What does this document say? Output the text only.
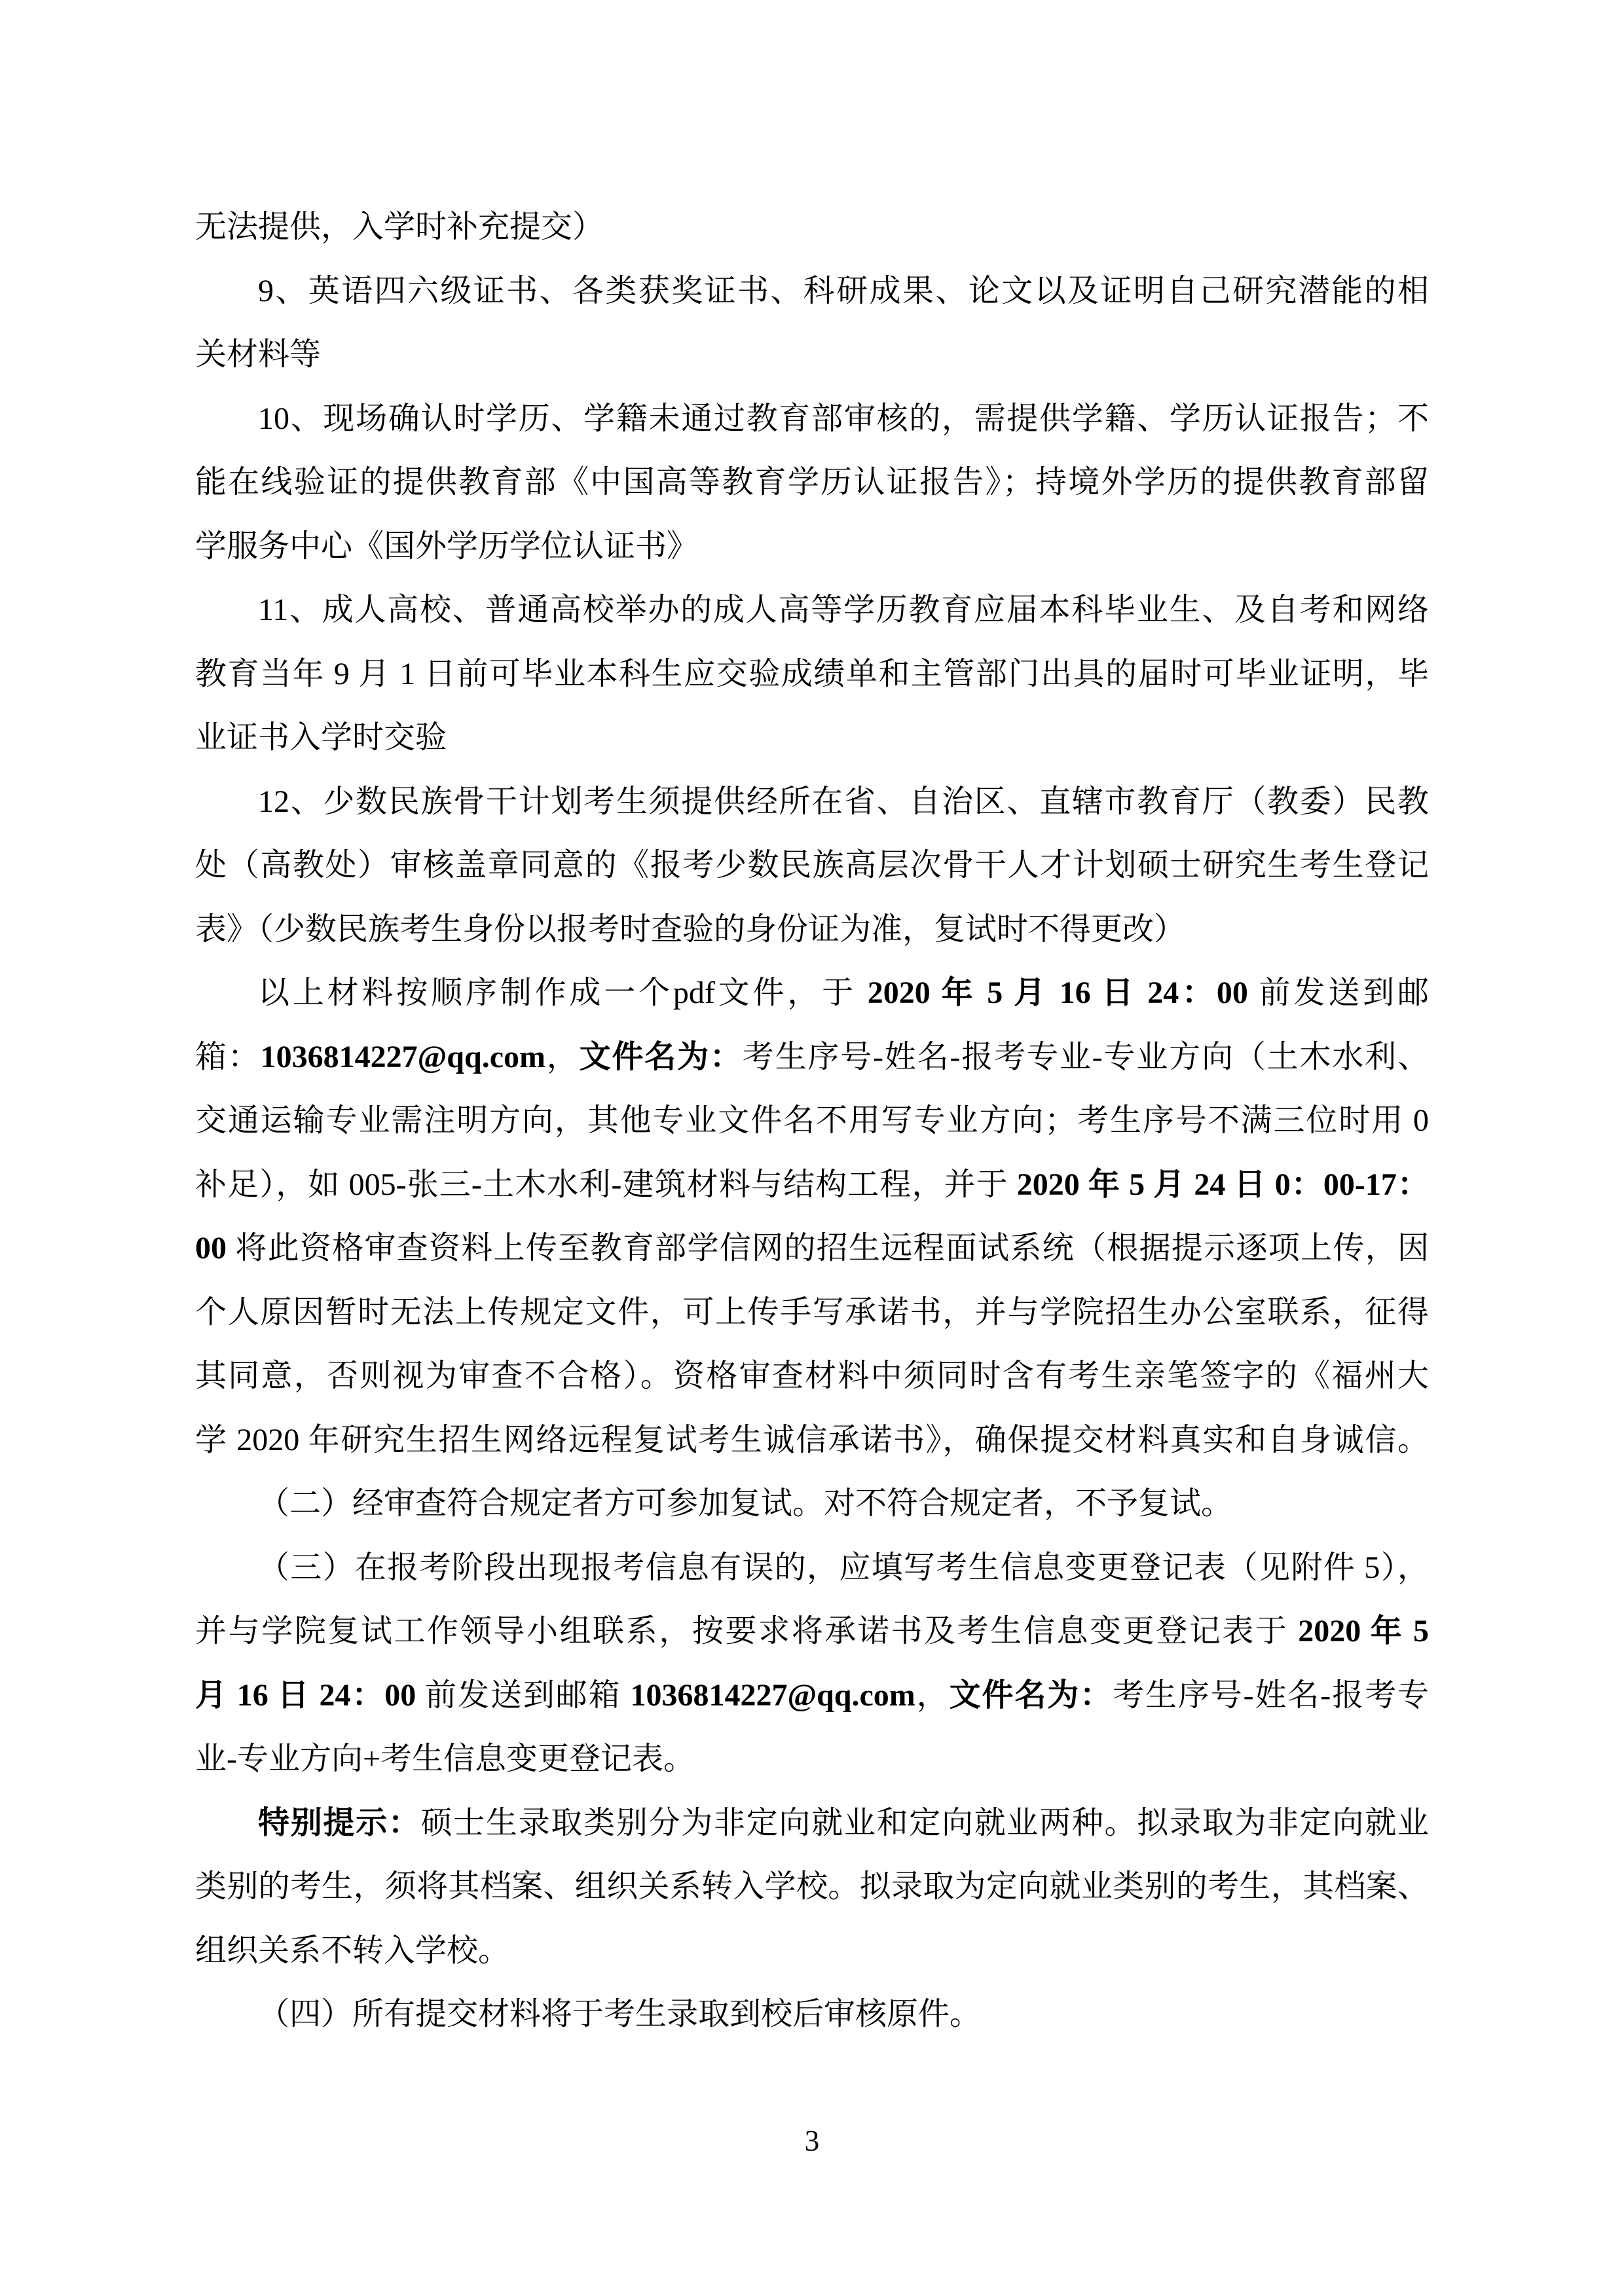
无法提供，入学时补充提交）
9、英语四六级证书、各类获奖证书、科研成果、论文以及证明自己研究潜能的相
关材料等
10、现场确认时学历、学籍未通过教育部审核的，需提供学籍、学历认证报告；不
能在线验证的提供教育部《中国高等教育学历认证报告》；持境外学历的提供教育部留
学服务中心《国外学历学位认证书》
11、成人高校、普通高校举办的成人高等学历教育应届本科毕业生、及自考和网络
教育当年 9 月 1 日前可毕业本科生应交验成绩单和主管部门出具的届时可毕业证明，毕
业证书入学时交验
12、少数民族骨干计划考生须提供经所在省、自治区、直辖市教育厅（教委）民教
处（高教处）审核盖章同意的《报考少数民族高层次骨干人才计划硕士研究生考生登记
表》（少数民族考生身份以报考时查验的身份证为准，复试时不得更改）
以上材料按顺序制作成一个pdf文件，于 2020 年 5 月 16 日 24：00 前发送到邮
箱：1036814227@qq.com，文件名为：考生序号-姓名-报考专业-专业方向（土木水利、
交通运输专业需注明方向，其他专业文件名不用写专业方向；考生序号不满三位时用 0
补足），如 005-张三-土木水利-建筑材料与结构工程，并于 2020 年 5 月 24 日 0：00-17：
00 将此资格审查资料上传至教育部学信网的招生远程面试系统（根据提示逐项上传，因
个人原因暂时无法上传规定文件，可上传手写承诺书，并与学院招生办公室联系，征得
其同意，否则视为审查不合格）。资格审查材料中须同时含有考生亲笔签字的《福州大
学 2020 年研究生招生网络远程复试考生诚信承诺书》，确保提交材料真实和自身诚信。
（二）经审查符合规定者方可参加复试。对不符合规定者，不予复试。
（三）在报考阶段出现报考信息有误的，应填写考生信息变更登记表（见附件 5），
并与学院复试工作领导小组联系，按要求将承诺书及考生信息变更登记表于 2020 年 5
月 16 日 24：00 前发送到邮箱 1036814227@qq.com，文件名为：考生序号-姓名-报考专
业-专业方向+考生信息变更登记表。
特别提示：硕士生录取类别分为非定向就业和定向就业两种。拟录取为非定向就业
类别的考生，须将其档案、组织关系转入学校。拟录取为定向就业类别的考生，其档案、
组织关系不转入学校。
（四）所有提交材料将于考生录取到校后审核原件。
3
